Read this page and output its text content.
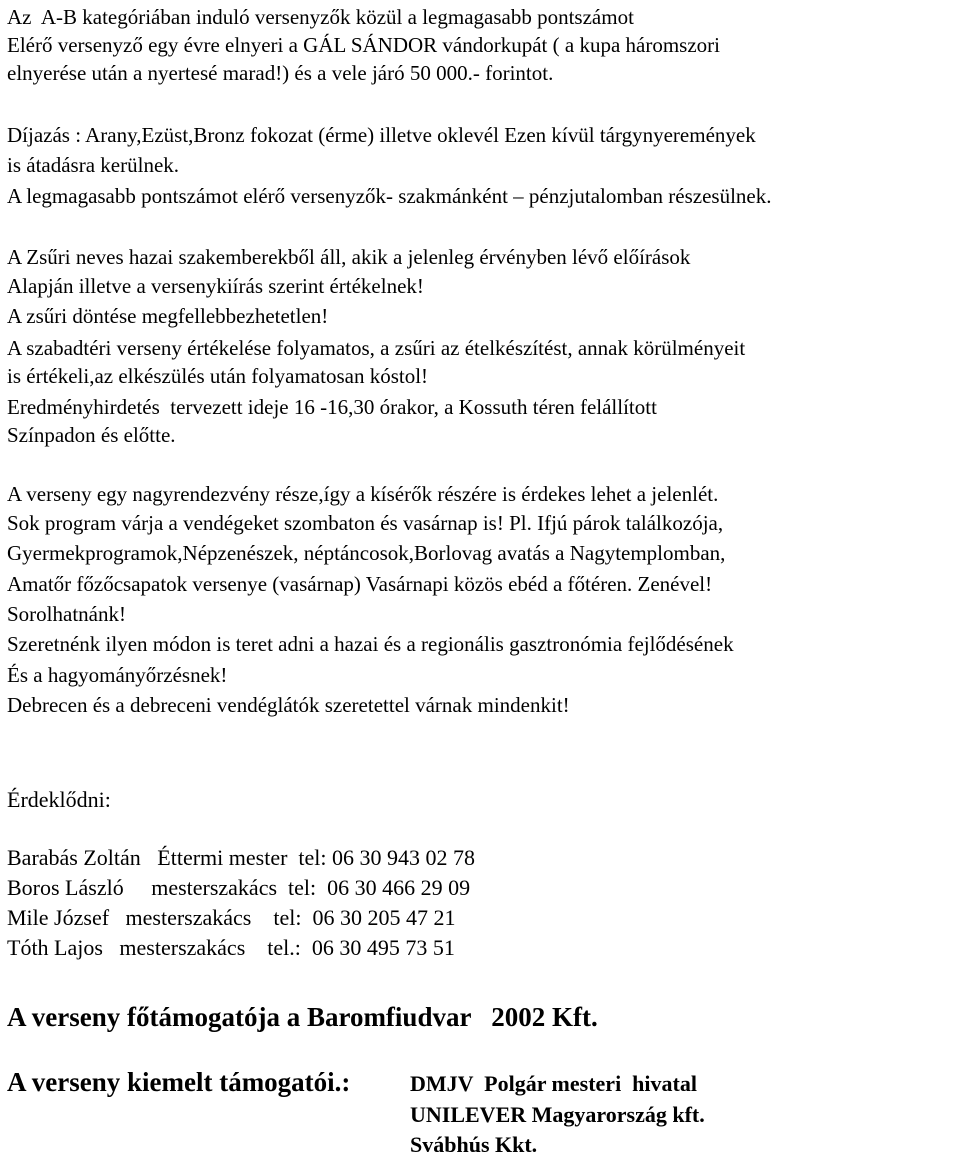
Az  A-B kategóriában induló versenyzők közül a legmagasabb pontszámot
Elérő versenyző egy évre elnyeri a GÁL SÁNDOR vándorkupát ( a kupa háromszori
elnyerése után a nyertesé marad!) és a vele járó 50 000.- forintot.
Díjazás : Arany,Ezüst,Bronz fokozat (érme) illetve oklevél Ezen kívül tárgynyeremények
is átadásra kerülnek.
A legmagasabb pontszámot elérő versenyzők- szakmánként – pénzjutalomban részesülnek.
A Zsűri neves hazai szakemberekből áll, akik a jelenleg érvényben lévő előírások
Alapján illetve a versenykiírás szerint értékelnek!
A zsűri döntése megfellebbezhetetlen!
A szabadtéri verseny értékelése folyamatos, a zsűri az ételkészítést, annak körülményeit
is értékeli,az elkészülés után folyamatosan kóstol!
Eredményhirdetés  tervezett ideje 16 -16,30 órakor, a Kossuth téren felállított
Színpadon és előtte.
A verseny egy nagyrendezvény része,így a kísérők részére is érdekes lehet a jelenlét.
Sok program várja a vendégeket szombaton és vasárnap is! Pl. Ifjú párok találkozója,
Gyermekprogramok,Népzenészek, néptáncosok,Borlovag avatás a Nagytemplomban,
Amatőr főzőcsapatok versenye (vasárnap) Vasárnapi közös ebéd a főtéren. Zenével!
Sorolhatnánk!
Szeretnénk ilyen módon is teret adni a hazai és a regionális gasztronómia fejlődésének
És a hagyományőrzésnek!
Debrecen és a debreceni vendéglátók szeretettel várnak mindenkit!
Érdeklődni:
Barabás Zoltán   Éttermi mester  tel: 06 30 943 02 78
Boros László     mesterszakács  tel:  06 30 466 29 09
Mile József   mesterszakács    tel:  06 30 205 47 21
Tóth Lajos   mesterszakács    tel.:  06 30 495 73 51
A verseny főtámogatója a Baromfiudvar   2002 Kft.
A verseny kiemelt támogatói.:	DMJV  Polgár mesteri  hivatal
UNILEVER Magyarország kft.
Svábhús Kkt.
